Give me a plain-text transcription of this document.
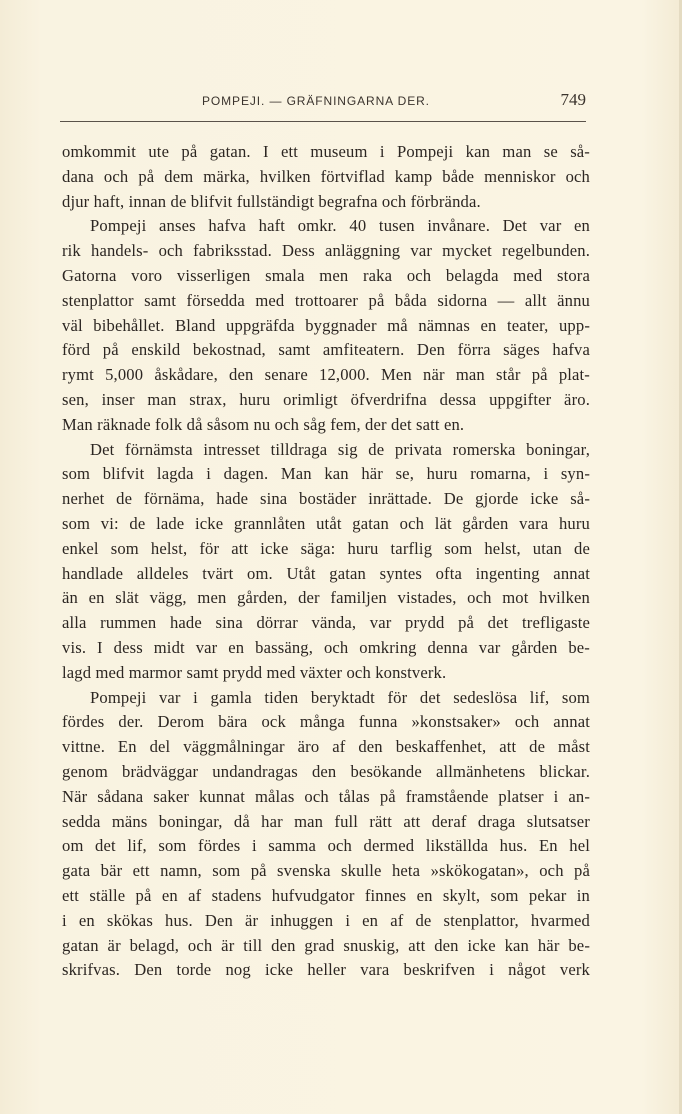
POMPEJI. — GRÄFNINGARNA DER.	749
omkommit ute på gatan. I ett museum i Pompeji kan man se så-
dana och på dem märka, hvilken förtviflad kamp både menniskor och
djur haft, innan de blifvit fullständigt begrafna och förbrända.
Pompeji anses hafva haft omkr. 40 tusen invånare. Det var en
rik handels- och fabriksstad. Dess anläggning var mycket regelbunden.
Gatorna voro visserligen smala men raka och belagda med stora
stenplattor samt försedda med trottoarer på båda sidorna — allt ännu
väl bibehållet. Bland uppgräfda byggnader må nämnas en teater, upp-
förd på enskild bekostnad, samt amfiteatern. Den förra säges hafva
rymt 5,000 åskådare, den senare 12,000. Men när man står på plat-
sen, inser man strax, huru orimligt öfverdrifna dessa uppgifter äro.
Man räknade folk då såsom nu och såg fem, der det satt en.
Det förnämsta intresset tilldraga sig de privata romerska boningar,
som blifvit lagda i dagen. Man kan här se, huru romarna, i syn-
nerhet de förnäma, hade sina bostäder inrättade. De gjorde icke så-
som vi: de lade icke grannlåten utåt gatan och lät gården vara huru
enkel som helst, för att icke säga: huru tarflig som helst, utan de
handlade alldeles tvärt om. Utåt gatan syntes ofta ingenting annat
än en slät vägg, men gården, der familjen vistades, och mot hvilken
alla rummen hade sina dörrar vända, var prydd på det trefligaste
vis. I dess midt var en bassäng, och omkring denna var gården be-
lagd med marmor samt prydd med växter och konstverk.
Pompeji var i gamla tiden beryktadt för det sedeslösa lif, som
fördes der. Derom bära ock många funna »konstsaker» och annat
vittne. En del väggmålningar äro af den beskaffenhet, att de måst
genom brädväggar undandragas den besökande allmänhetens blickar.
När sådana saker kunnat målas och tålas på framstående platser i an-
sedda mäns boningar, då har man full rätt att deraf draga slutsatser
om det lif, som fördes i samma och dermed likställda hus. En hel
gata bär ett namn, som på svenska skulle heta »skökogatan», och på
ett ställe på en af stadens hufvudgator finnes en skylt, som pekar in
i en skökas hus. Den är inhuggen i en af de stenplattor, hvarmed
gatan är belagd, och är till den grad snuskig, att den icke kan här be-
skrifvas. Den torde nog icke heller vara beskrifven i något verk
